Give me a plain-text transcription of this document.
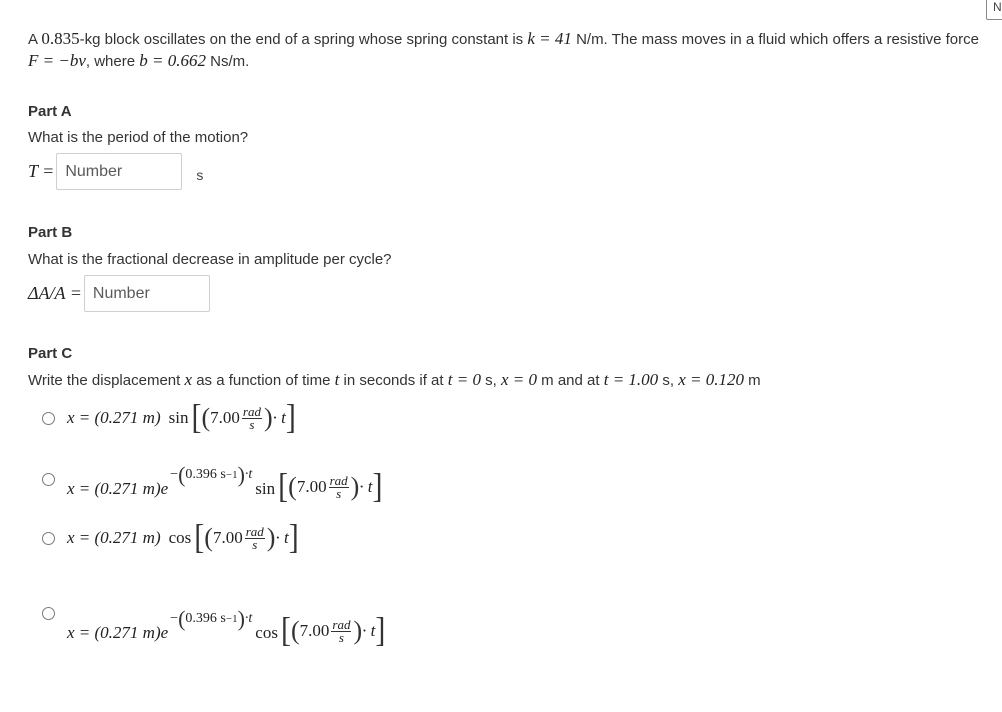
N
A 0.835-kg block oscillates on the end of a spring whose spring constant is k = 41 N/m. The mass moves in a fluid which offers a resistive force
F = −bv, where b = 0.662 Ns/m.
Part A
What is the period of the motion?
T =
Number	s
Part B
What is the fractional decrease in amplitude per cycle?
ΔA/A =
Number
Part C
Write the displacement x as a function of time t in seconds if at t = 0 s, x = 0 m and at t = 1.00 s, x = 0.120 m
x = (0.271 m) sin [ ( $7.00 \frac{\text{rad}}{s}$ ) · t ]
x = (0.271 m) e
− ( 0.396 s −1 ) ·t
sin [ ( $7.00 \frac{\text{rad}}{s}$ ) · t ]
x = (0.271 m) cos [ ( $7.00 \frac{\text{rad}}{s}$ ) · t ]
x = (0.271 m) e
− ( 0.396 s −1 ) ·t
cos [ ( $7.00 \frac{\text{rad}}{s}$ ) · t ]
